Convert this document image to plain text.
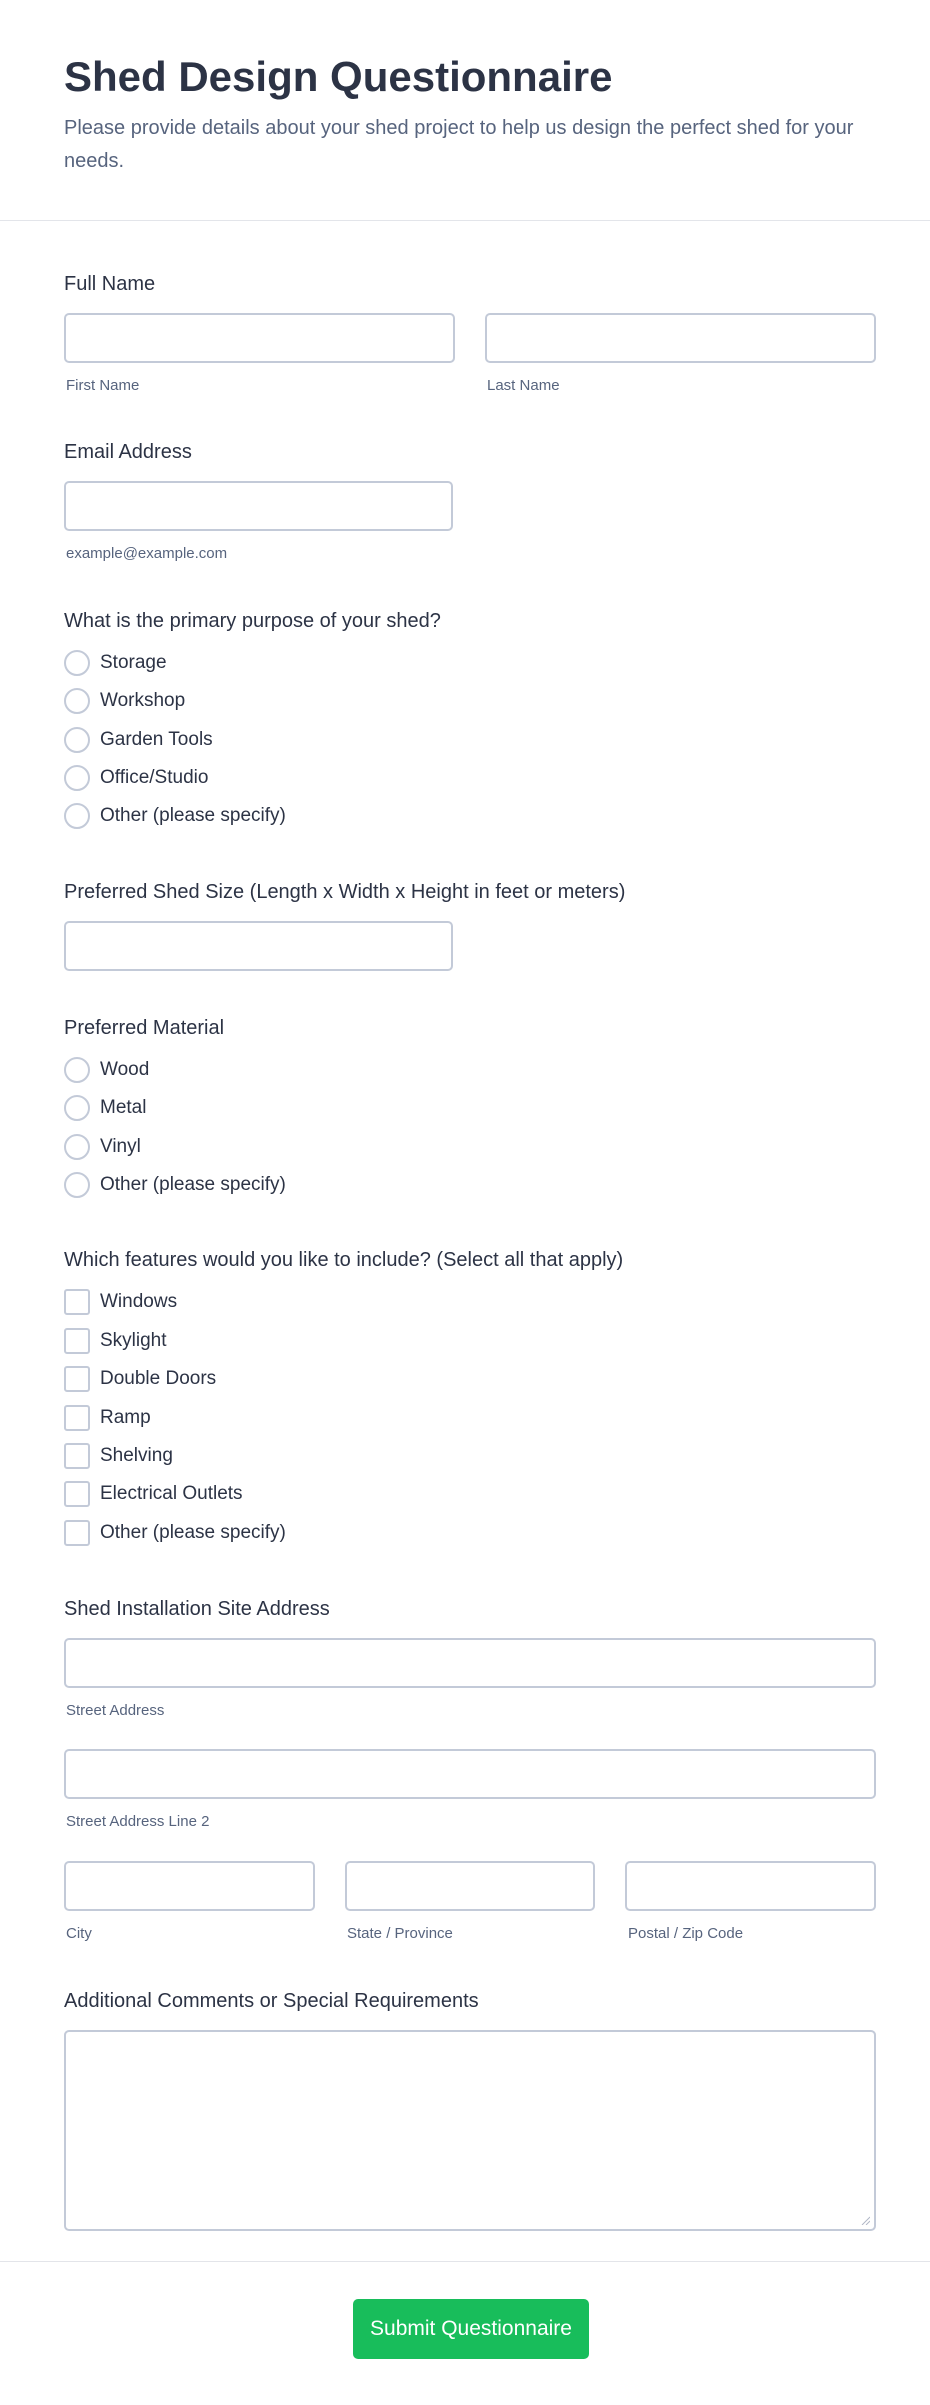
Shed Design Questionnaire

Please provide details about your shed project to help us design the perfect shed for your needs.

Full Name
First Name	Last Name
Email Address
example@example.com
What is the primary purpose of your shed?
Storage
Workshop
Garden Tools
Office/Studio
Other (please specify)
Preferred Shed Size (Length x Width x Height in feet or meters)
Preferred Material
Wood
Metal
Vinyl
Other (please specify)
Which features would you like to include? (Select all that apply)
Windows
Skylight
Double Doors
Ramp
Shelving
Electrical Outlets
Other (please specify)
Shed Installation Site Address
Street Address
Street Address Line 2
City	State / Province	Postal / Zip Code
Additional Comments or Special Requirements
Submit Questionnaire
